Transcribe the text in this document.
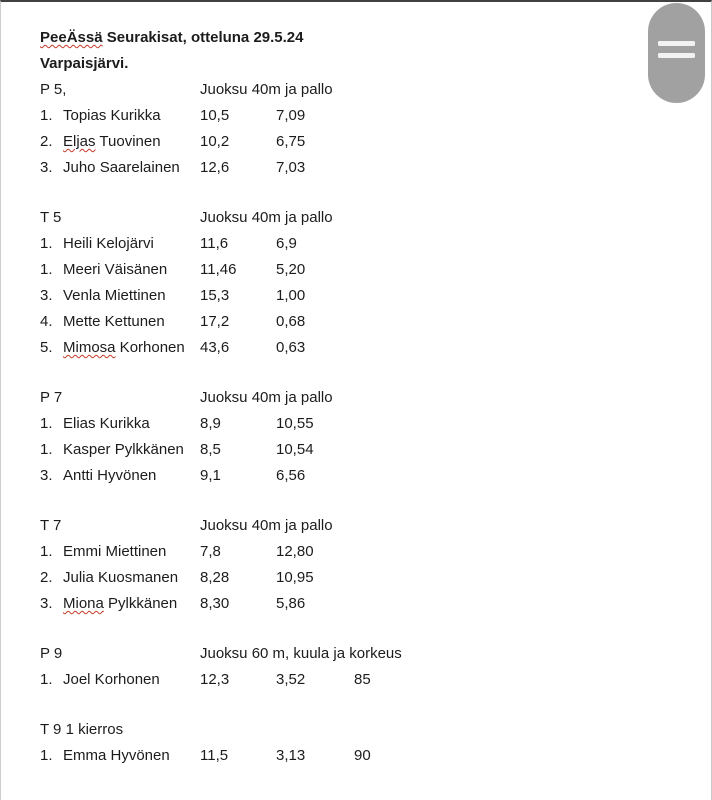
PeeÄssä Seurakisat, otteluna 29.5.24
Varpaisjärvi.
P 5,	Juoksu 40m ja pallo
1. Topias Kurikka	10,5	7,09
2. Eljas Tuovinen	10,2	6,75
3. Juho Saarelainen	12,6	7,03
T 5	Juoksu 40m ja pallo
1. Heili Kelojärvi	11,6	6,9
1. Meeri Väisänen	11,46	5,20
3. Venla Miettinen	15,3	1,00
4. Mette Kettunen	17,2	0,68
5. Mimosa Korhonen	43,6	0,63
P 7	Juoksu 40m ja pallo
1. Elias Kurikka	8,9	10,55
1. Kasper Pylkkänen	8,5	10,54
3. Antti Hyvönen	9,1	6,56
T 7	Juoksu 40m ja pallo
1. Emmi Miettinen	7,8	12,80
2. Julia Kuosmanen	8,28	10,95
3. Miona Pylkkänen	8,30	5,86
P 9	Juoksu 60 m, kuula ja korkeus
1. Joel Korhonen	12,3	3,52	85
T 9 1 kierros
1. Emma Hyvönen	11,5	3,13	90
